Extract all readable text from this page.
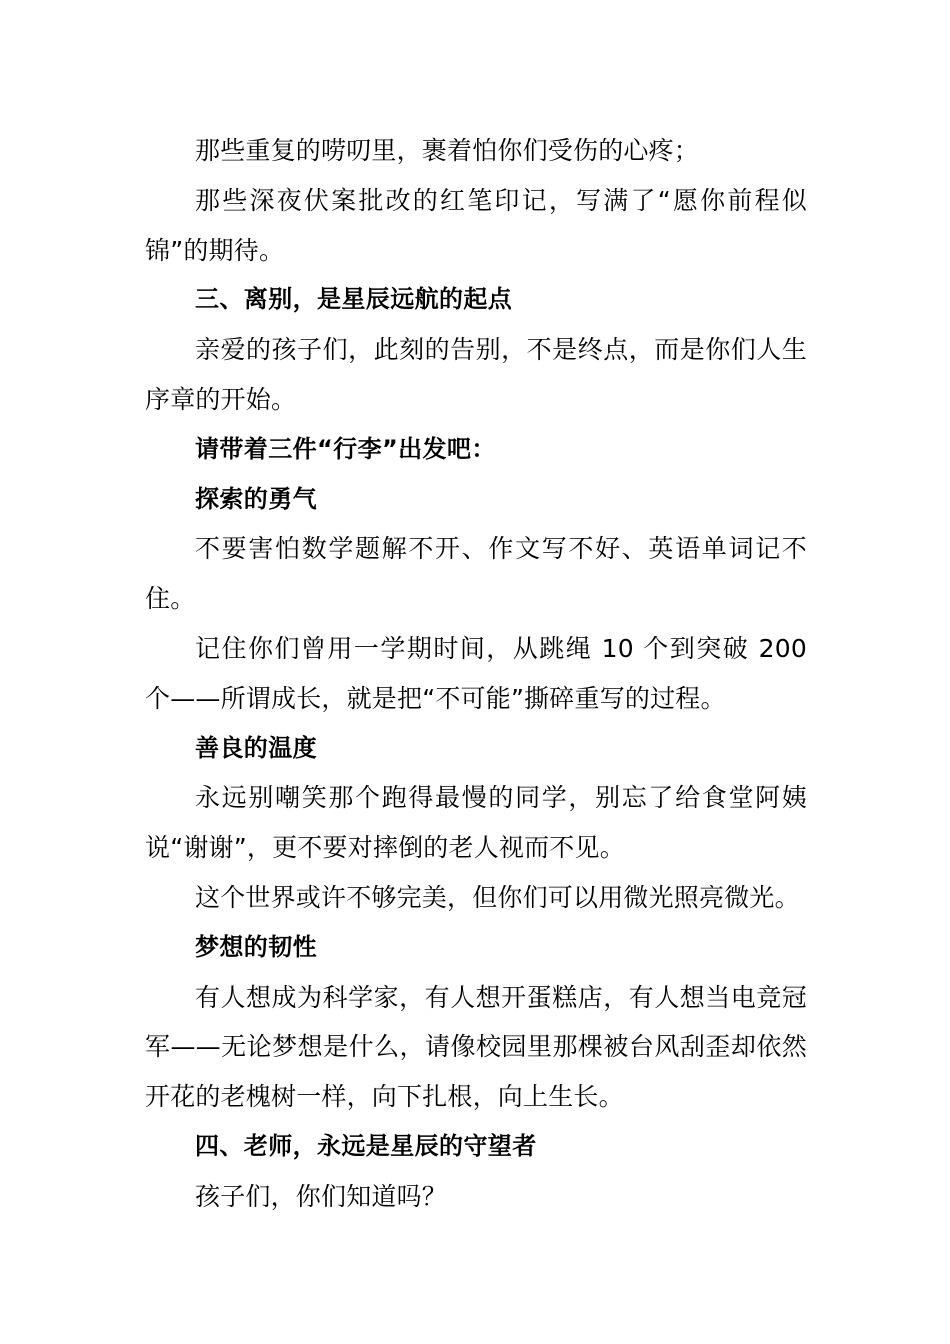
那些重复的唠叨里，裹着怕你们受伤的心疼；

那些深夜伏案批改的红笔印记，写满了“愿你前程似锦”的期待。

三、离别，是星辰远航的起点

亲爱的孩子们，此刻的告别，不是终点，而是你们人生序章的开始。

请带着三件“行李”出发吧：

探索的勇气

不要害怕数学题解不开、作文写不好、英语单词记不住。

记住你们曾用一学期时间，从跳绳 10 个到突破 200 个——所谓成长，就是把“不可能”撕碎重写的过程。

善良的温度

永远别嘲笑那个跑得最慢的同学，别忘了给食堂阿姨说“谢谢”，更不要对摔倒的老人视而不见。

这个世界或许不够完美，但你们可以用微光照亮微光。

梦想的韧性

有人想成为科学家，有人想开蛋糕店，有人想当电竞冠军——无论梦想是什么，请像校园里那棵被台风刮歪却依然开花的老槐树一样，向下扎根，向上生长。

四、老师，永远是星辰的守望者

孩子们，你们知道吗？
